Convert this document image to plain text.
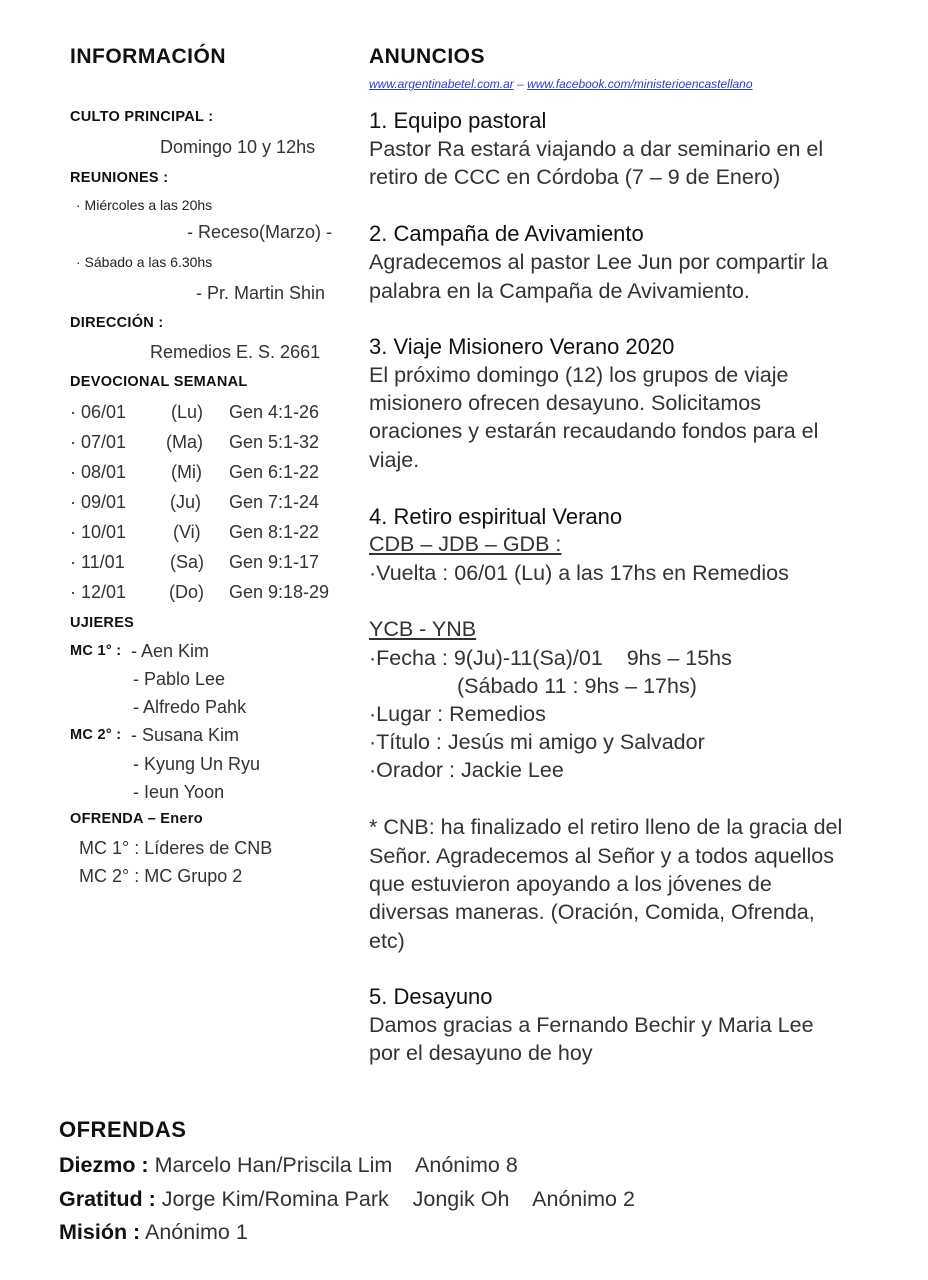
INFORMACIÓN
CULTO PRINCIPAL :
Domingo 10 y 12hs
REUNIONES :
· Miércoles a las 20hs
- Receso(Marzo) -
· Sábado a las 6.30hs
- Pr. Martin Shin
DIRECCIÓN :
Remedios E. S. 2661
DEVOCIONAL SEMANAL
· 06/01 (Lu) Gen 4:1-26
· 07/01 (Ma) Gen 5:1-32
· 08/01 (Mi) Gen 6:1-22
· 09/01 (Ju) Gen 7:1-24
· 10/01	(Vi) Gen 8:1-22
· 11/01	(Sa) Gen 9:1-17
· 12/01 (Do) Gen 9:18-29
UJIERES
MC 1° : - Aen Kim
- Pablo Lee
- Alfredo Pahk
MC 2° : - Susana Kim
- Kyung Un Ryu
- Ieun Yoon
OFRENDA – Enero
MC 1° : Líderes de CNB
MC 2° : MC Grupo 2
ANUNCIOS
www.argentinabetel.com.ar – www.facebook.com/ministerioencastellano
1. Equipo pastoral
Pastor Ra estará viajando a dar seminario en el
retiro de CCC en Córdoba (7 – 9 de Enero)
2. Campaña de Avivamiento
Agradecemos al pastor Lee Jun por compartir la
palabra en la Campaña de Avivamiento.
3. Viaje Misionero Verano 2020
El próximo domingo (12) los grupos de viaje
misionero ofrecen desayuno. Solicitamos
oraciones y estarán recaudando fondos para el
viaje.
4. Retiro espiritual Verano
CDB – JDB – GDB :
·Vuelta : 06/01 (Lu) a las 17hs en Remedios
YCB - YNB
·Fecha : 9(Ju)-11(Sa)/01    9hs – 15hs
(Sábado 11 : 9hs – 17hs)
·Lugar : Remedios
·Título : Jesús mi amigo y Salvador
·Orador : Jackie Lee
* CNB: ha finalizado el retiro lleno de la gracia del
Señor. Agradecemos al Señor y a todos aquellos
que estuvieron apoyando a los jóvenes de
diversas maneras. (Oración, Comida, Ofrenda,
etc)
5. Desayuno
Damos gracias a Fernando Bechir y Maria Lee
por el desayuno de hoy
OFRENDAS
Diezmo : Marcelo Han/Priscila Lim    Anónimo 8
Gratitud : Jorge Kim/Romina Park    Jongik Oh    Anónimo 2
Misión : Anónimo 1
